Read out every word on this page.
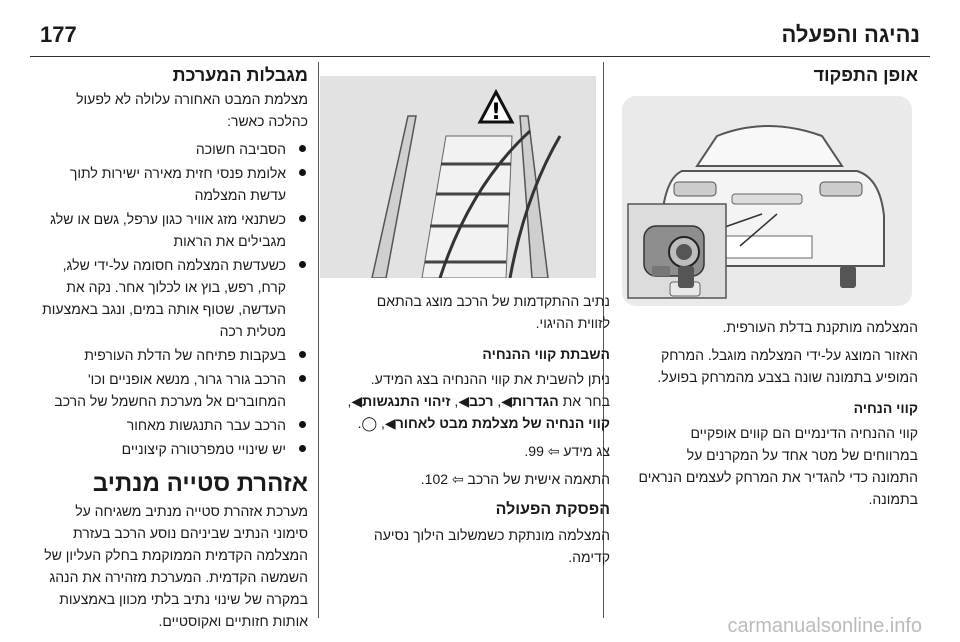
נהיגה והפעלה
177
אופן התפקוד

המצלמה מותקנת בדלת העורפית.

האזור המוצג על-ידי המצלמה מוגבל. המרחק המופיע בתמונה שונה בצבע מהמרחק בפועל.

קווי הנחיה

קווי ההנחיה הדינמיים הם קווים אופקיים במרווחים של מטר אחד על המקרנים על התמונה כדי להגדיר את המרחק לעצמים הנראים בתמונה.

נתיב ההתקדמות של הרכב מוצג בהתאם לזווית ההיגוי.

השבתת קווי ההנחיה

ניתן להשבית את קווי ההנחיה בצג המידע. בחר את הגדרות◀, רכב◀, זיהוי התנגשות◀, קווי הנחיה של מצלמת מבט לאחור◀, ◯.

צג מידע ⇦ 99.

התאמה אישית של הרכב ⇦ 102.

הפסקת הפעולה

המצלמה מונתקת כשמשלוב הילוך נסיעה קדימה.

!
מגבלות המערכת

מצלמת המבט האחורה עלולה לא לפעול כהלכה כאשר:

הסביבה חשוכה
אלומת פנסי חזית מאירה ישירות לתוך עדשת המצלמה
כשתנאי מזג אוויר כגון ערפל, גשם או שלג מגבילים את הראות
כשעדשת המצלמה חסומה על-ידי שלג, קרח, רפש, בוץ או לכלוך אחר. נקה את העדשה, שטוף אותה במים, ונגב באמצעות מטלית רכה
בעקבות פתיחה של הדלת העורפית
הרכב גורר גרור, מנשא אופניים וכו' המחוברים אל מערכת החשמל של הרכב
הרכב עבר התנגשות מאחור
יש שינויי טמפרטורה קיצוניים
אזהרת סטייה מנתיב

מערכת אזהרת סטייה מנתיב משגיחה על סימוני הנתיב שביניהם נוסע הרכב בעזרת המצלמה הקדמית הממוקמת בחלק העליון של השמשה הקדמית. המערכת מזהירה את הנהג במקרה של שינוי נתיב בלתי מכוון באמצעות אותות חזותיים ואקוסטיים.	carmanualsonline.info
